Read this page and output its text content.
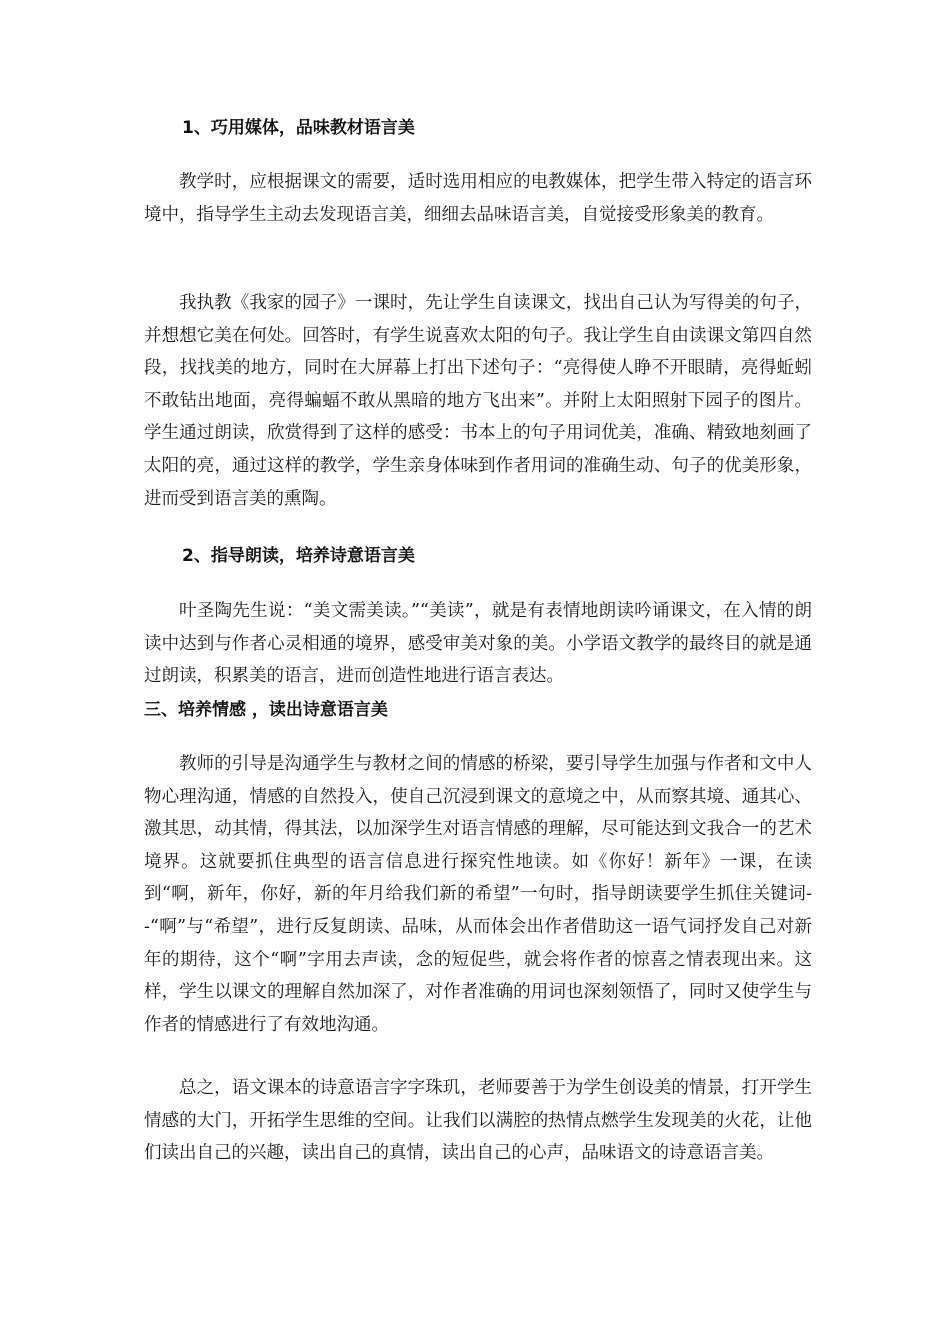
1、巧用媒体，品味教材语言美
教学时，应根据课文的需要，适时选用相应的电教媒体，把学生带入特定的语言环境中，指导学生主动去发现语言美，细细去品味语言美，自觉接受形象美的教育。
我执教《我家的园子》一课时，先让学生自读课文，找出自己认为写得美的句子，并想想它美在何处。回答时，有学生说喜欢太阳的句子。我让学生自由读课文第四自然段，找找美的地方，同时在大屏幕上打出下述句子：“亮得使人睁不开眼睛，亮得蚯蚓不敢钻出地面，亮得蝙蝠不敢从黑暗的地方飞出来”。并附上太阳照射下园子的图片。学生通过朗读，欣赏得到了这样的感受：书本上的句子用词优美，准确、精致地刻画了太阳的亮，通过这样的教学，学生亲身体味到作者用词的准确生动、句子的优美形象，进而受到语言美的熏陶。
2、指导朗读，培养诗意语言美
叶圣陶先生说：“美文需美读。”“美读”，就是有表情地朗读吟诵课文，在入情的朗读中达到与作者心灵相通的境界，感受审美对象的美。小学语文教学的最终目的就是通过朗读，积累美的语言，进而创造性地进行语言表达。
三、培养情感 ，读出诗意语言美
教师的引导是沟通学生与教材之间的情感的桥梁，要引导学生加强与作者和文中人物心理沟通，情感的自然投入，使自己沉浸到课文的意境之中，从而察其境、通其心、激其思，动其情，得其法，以加深学生对语言情感的理解，尽可能达到文我合一的艺术境界。这就要抓住典型的语言信息进行探究性地读。如《你好！新年》一课，在读到“啊，新年，你好，新的年月给我们新的希望”一句时，指导朗读要学生抓住关键词--“啊”与“希望”，进行反复朗读、品味，从而体会出作者借助这一语气词抒发自己对新年的期待，这个“啊”字用去声读，念的短促些，就会将作者的惊喜之情表现出来。这样，学生以课文的理解自然加深了，对作者准确的用词也深刻领悟了，同时又使学生与作者的情感进行了有效地沟通。
总之，语文课本的诗意语言字字珠玑，老师要善于为学生创设美的情景，打开学生情感的大门，开拓学生思维的空间。让我们以满腔的热情点燃学生发现美的火花，让他们读出自己的兴趣，读出自己的真情，读出自己的心声，品味语文的诗意语言美。
